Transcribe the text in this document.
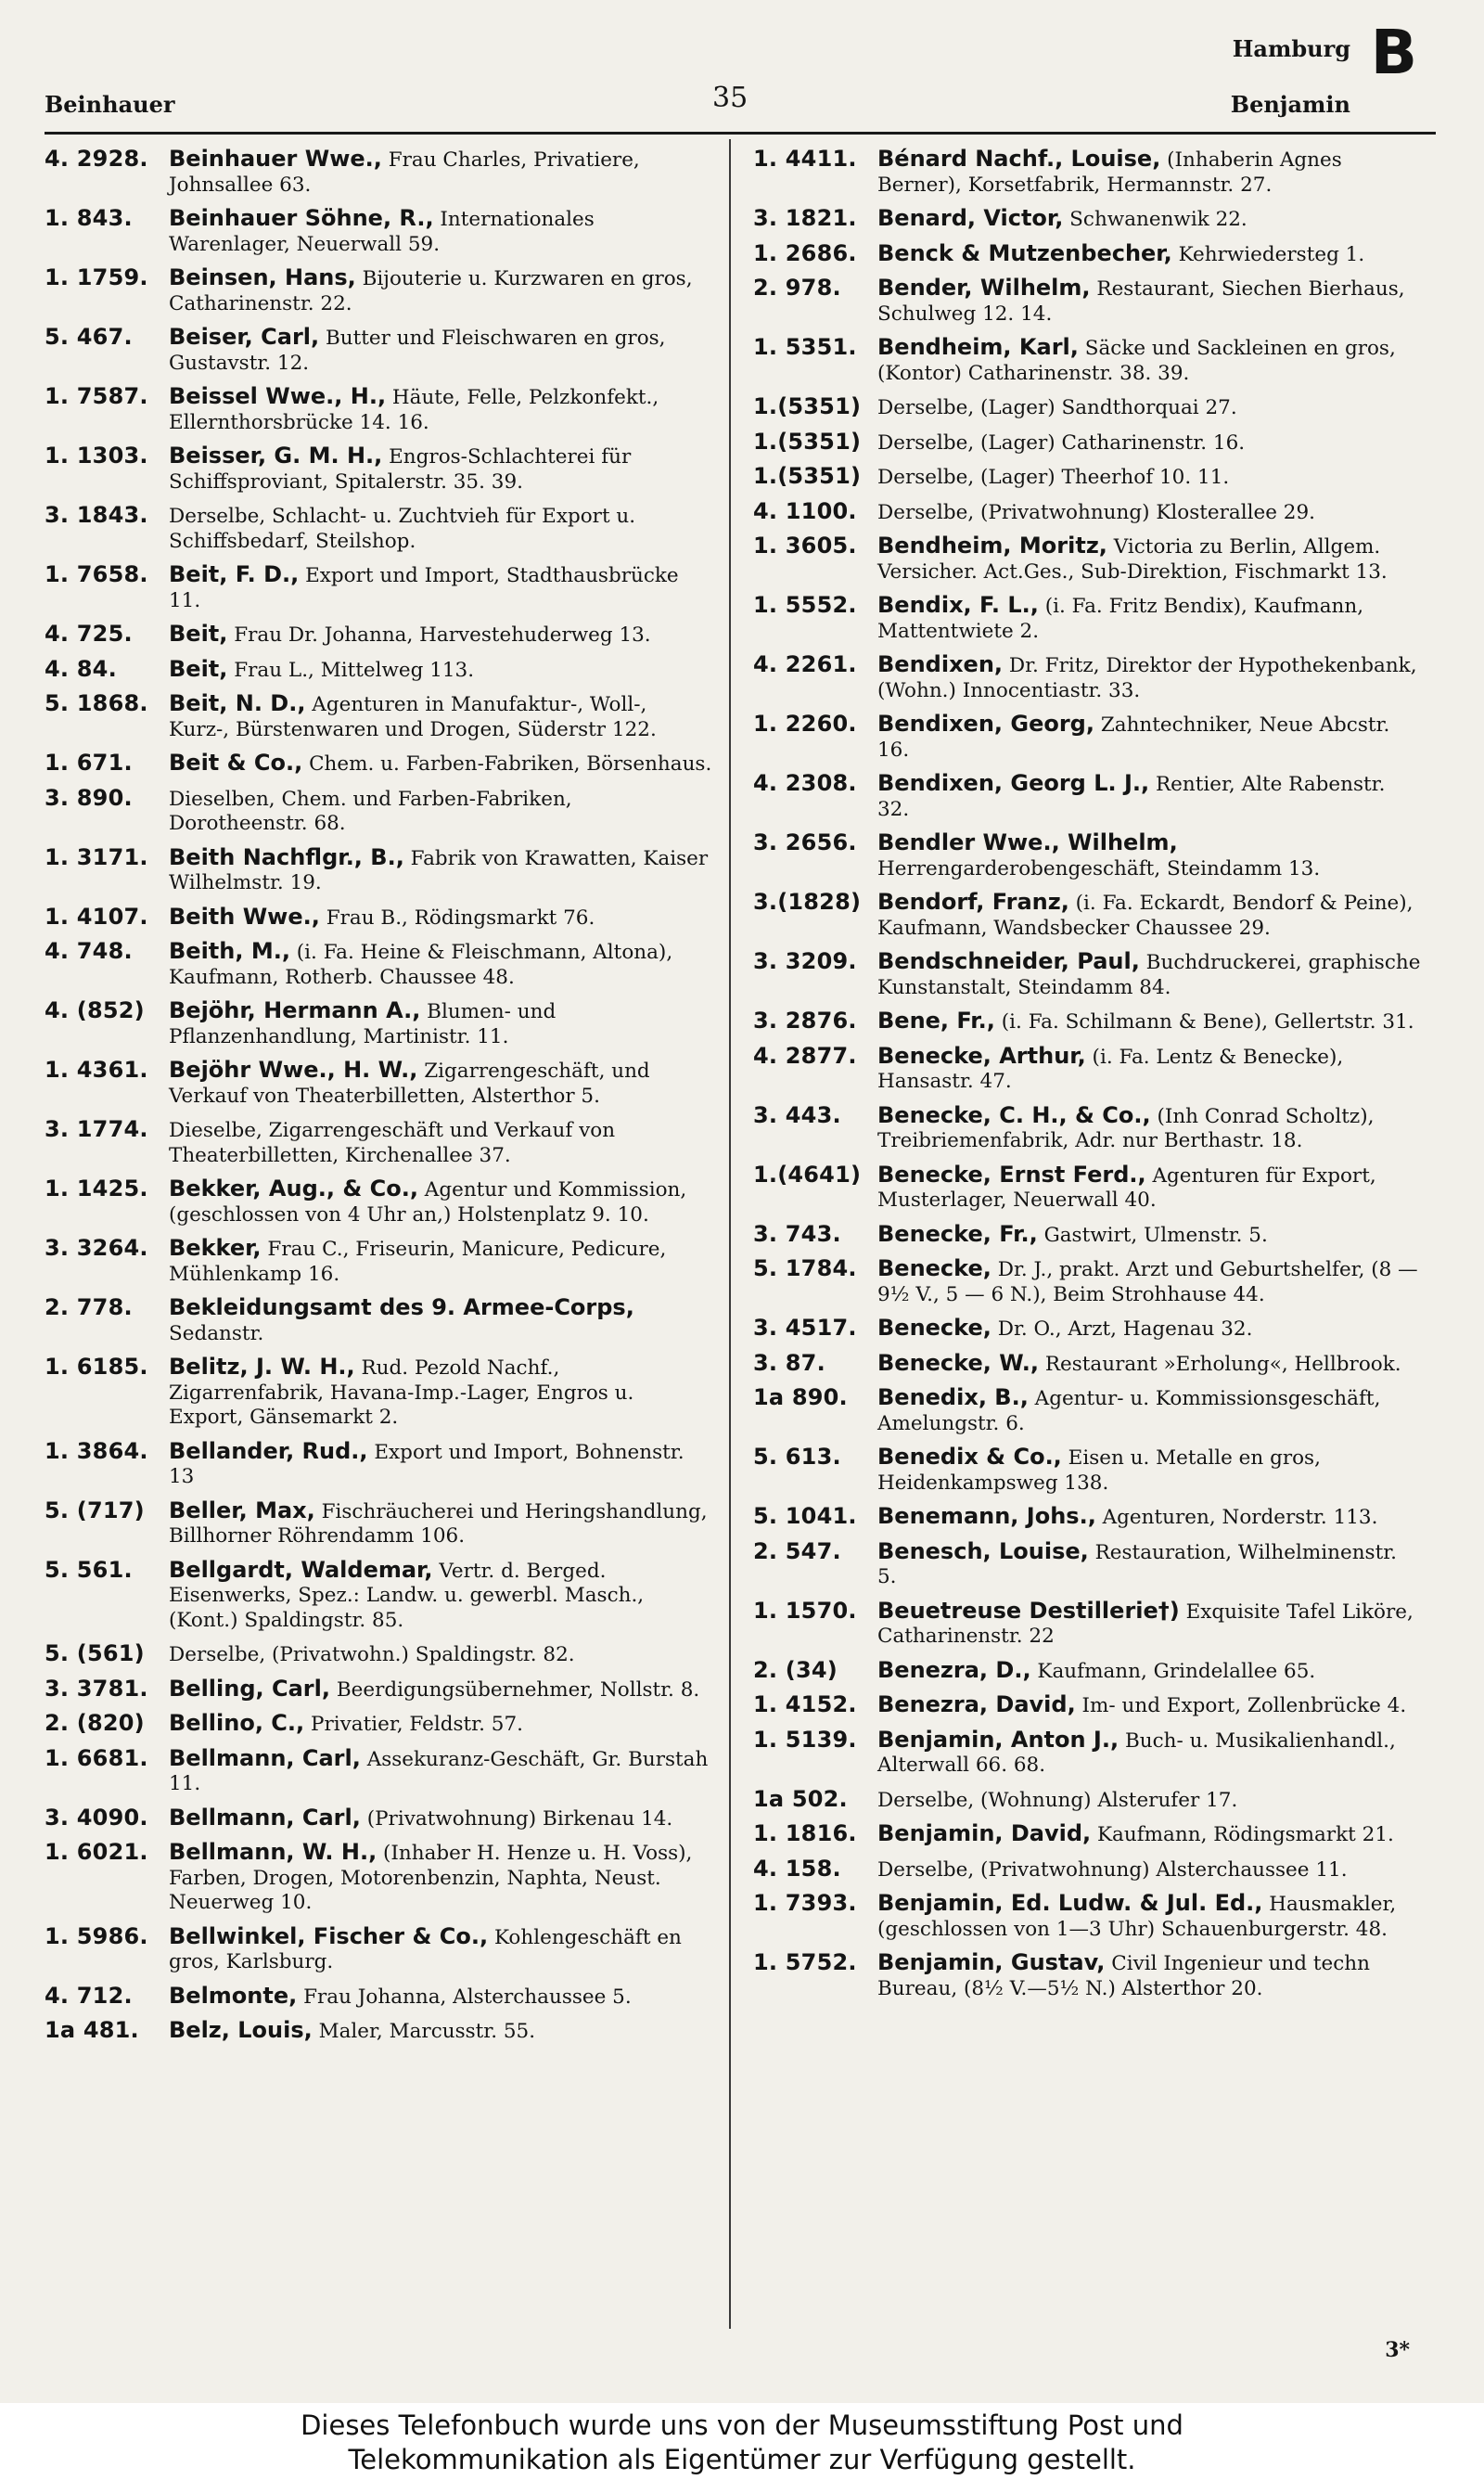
Beinhauer	35
Hamburg
Benjamin
B
4. 2928. Beinhauer Wwe., Frau Charles, Privatiere, Johnsallee 63.
1. 843.	Beinhauer Söhne, R., Internationales Warenlager, Neuerwall 59.
1. 1759. Beinsen, Hans, Bijouterie u. Kurzwaren en gros, Catharinenstr. 22.
5. 467.	Beiser, Carl, Butter und Fleischwaren en gros, Gustavstr. 12.
1. 7587. Beissel Wwe., H., Häute, Felle, Pelzkonfekt., Ellernthorsbrücke 14. 16.
1. 1303. Beisser, G. M. H., Engros-Schlachterei für Schiffsproviant, Spitalerstr. 35. 39.
3. 1843.	Derselbe, Schlacht- u. Zuchtvieh für Export u. Schiffsbedarf, Steilshop.
1. 7658. Beit, F. D., Export und Import, Stadthausbrücke 11.
4. 725.	Beit, Frau Dr. Johanna, Harvestehuderweg 13.
4. 84.	Beit, Frau L., Mittelweg 113.
5. 1868. Beit, N. D., Agenturen in Manufaktur-, Woll-, Kurz-, Bürstenwaren und Drogen, Süderstr 122.
1. 671.	Beit & Co., Chem. u. Farben-Fabriken, Börsenhaus.
3. 890.	Dieselben, Chem. und Farben-Fabriken, Dorotheenstr. 68.
1. 3171. Beith Nachflgr., B., Fabrik von Krawatten, Kaiser Wilhelmstr. 19.
1. 4107. Beith Wwe., Frau B., Rödingsmarkt 76.
4. 748.	Beith, M., (i. Fa. Heine & Fleischmann, Altona), Kaufmann, Rotherb. Chaussee 48.
4. (852)	Bejöhr, Hermann A., Blumen- und Pflanzenhandlung, Martinistr. 11.
1. 4361. Bejöhr Wwe., H. W., Zigarrengeschäft, und Verkauf von Theaterbilletten, Alsterthor 5.
3. 1774.	Dieselbe, Zigarrengeschäft und Verkauf von Theaterbilletten, Kirchenallee 37.
1. 1425. Bekker, Aug., & Co., Agentur und Kommission, (geschlossen von 4 Uhr an,) Holstenplatz 9. 10.
3. 3264. Bekker, Frau C., Friseurin, Manicure, Pedicure, Mühlenkamp 16.
2. 778.	Bekleidungsamt des 9. Armee-Corps, Sedanstr.
1. 6185. Belitz, J. W. H., Rud. Pezold Nachf., Zigarrenfabrik, Havana-Imp.-Lager, Engros u. Export, Gänsemarkt 2.
1. 3864. Bellander, Rud., Export und Import, Bohnenstr. 13
5. (717)	Beller, Max, Fischräucherei und Heringshandlung, Billhorner Röhrendamm 106.
5. 561.	Bellgardt, Waldemar, Vertr. d. Berged. Eisenwerks, Spez.: Landw. u. gewerbl. Masch., (Kont.) Spaldingstr. 85.
5. (561)	Derselbe, (Privatwohn.) Spaldingstr. 82.
3. 3781. Belling, Carl, Beerdigungsübernehmer, Nollstr. 8.
2. (820)	Bellino, C., Privatier, Feldstr. 57.
1. 6681. Bellmann, Carl, Assekuranz-Geschäft, Gr. Burstah 11.
3. 4090. Bellmann, Carl, (Privatwohnung) Birkenau 14.
1. 6021. Bellmann, W. H., (Inhaber H. Henze u. H. Voss), Farben, Drogen, Motorenbenzin, Naphta, Neust. Neuerweg 10.
1. 5986. Bellwinkel, Fischer & Co., Kohlengeschäft en gros, Karlsburg.
4. 712.	Belmonte, Frau Johanna, Alsterchaussee 5.
1a 481.	Belz, Louis, Maler, Marcusstr. 55.
1. 4411. Bénard Nachf., Louise, (Inhaberin Agnes Berner), Korsetfabrik, Hermannstr. 27.
3. 1821. Benard, Victor, Schwanenwik 22.
1. 2686. Benck & Mutzenbecher, Kehrwiedersteg 1.
2. 978.	Bender, Wilhelm, Restaurant, Siechen Bierhaus, Schulweg 12. 14.
1. 5351. Bendheim, Karl, Säcke und Sackleinen en gros, (Kontor) Catharinenstr. 38. 39.
1.(5351) Derselbe, (Lager) Sandthorquai 27.
1.(5351) Derselbe, (Lager) Catharinenstr. 16.
1.(5351) Derselbe, (Lager) Theerhof 10. 11.
4. 1100.	Derselbe, (Privatwohnung) Klosterallee 29.
1. 3605. Bendheim, Moritz, Victoria zu Berlin, Allgem. Versicher. Act.Ges., Sub-Direktion, Fischmarkt 13.
1. 5552. Bendix, F. L., (i. Fa. Fritz Bendix), Kaufmann, Mattentwiete 2.
4. 2261. Bendixen, Dr. Fritz, Direktor der Hypothekenbank, (Wohn.) Innocentiastr. 33.
1. 2260. Bendixen, Georg, Zahntechniker, Neue Abcstr. 16.
4. 2308. Bendixen, Georg L. J., Rentier, Alte Rabenstr. 32.
3. 2656. Bendler Wwe., Wilhelm, Herrengarderobengeschäft, Steindamm 13.
3.(1828) Bendorf, Franz, (i. Fa. Eckardt, Bendorf & Peine), Kaufmann, Wandsbecker Chaussee 29.
3. 3209. Bendschneider, Paul, Buchdruckerei, graphische Kunstanstalt, Steindamm 84.
3. 2876. Bene, Fr., (i. Fa. Schilmann & Bene), Gellertstr. 31.
4. 2877. Benecke, Arthur, (i. Fa. Lentz & Benecke), Hansastr. 47.
3. 443.	Benecke, C. H., & Co., (Inh Conrad Scholtz), Treibriemenfabrik, Adr. nur Berthastr. 18.
1.(4641) Benecke, Ernst Ferd., Agenturen für Export, Musterlager, Neuerwall 40.
3. 743.	Benecke, Fr., Gastwirt, Ulmenstr. 5.
5. 1784. Benecke, Dr. J., prakt. Arzt und Geburtshelfer, (8 — 9½ V., 5 — 6 N.), Beim Strohhause 44.
3. 4517. Benecke, Dr. O., Arzt, Hagenau 32.
3. 87.	Benecke, W., Restaurant »Erholung«, Hellbrook.
1a 890.	Benedix, B., Agentur- u. Kommissionsgeschäft, Amelungstr. 6.
5. 613.	Benedix & Co., Eisen u. Metalle en gros, Heidenkampsweg 138.
5. 1041. Benemann, Johs., Agenturen, Norderstr. 113.
2. 547.	Benesch, Louise, Restauration, Wilhelminenstr. 5.
1. 1570. Beuetreuse Destillerie†) Exquisite Tafel Liköre, Catharinenstr. 22
2. (34)	Benezra, D., Kaufmann, Grindelallee 65.
1. 4152. Benezra, David, Im- und Export, Zollenbrücke 4.
1. 5139. Benjamin, Anton J., Buch- u. Musikalienhandl., Alterwall 66. 68.
1a 502.	Derselbe, (Wohnung) Alsterufer 17.
1. 1816. Benjamin, David, Kaufmann, Rödingsmarkt 21.
4. 158.	Derselbe, (Privatwohnung) Alsterchaussee 11.
1. 7393. Benjamin, Ed. Ludw. & Jul. Ed., Hausmakler, (geschlossen von 1—3 Uhr) Schauenburgerstr. 48.
1. 5752. Benjamin, Gustav, Civil Ingenieur und techn Bureau, (8½ V.—5½ N.) Alsterthor 20.
3*
Dieses Telefonbuch wurde uns von der Museumsstiftung Post und
Telekommunikation als Eigentümer zur Verfügung gestellt.
